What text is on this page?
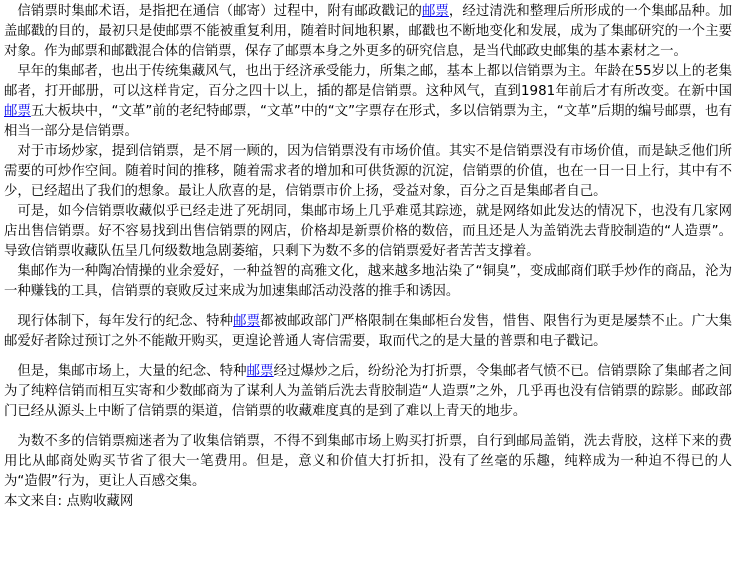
信销票时集邮术语，是指把在通信（邮寄）过程中，附有邮政戳记的邮票，经过清洗和整理后所形成的一个集邮品种。加盖邮戳的目的，最初只是使邮票不能被重复利用，随着时间地积累，邮戳也不断地变化和发展，成为了集邮研究的一个主要对象。作为邮票和邮戳混合体的信销票，保存了邮票本身之外更多的研究信息，是当代邮政史邮集的基本素材之一。

早年的集邮者，也出于传统集藏风气，也出于经济承受能力，所集之邮，基本上都以信销票为主。年龄在55岁以上的老集邮者，打开邮册，可以这样肯定，百分之四十以上，插的都是信销票。这种风气，直到1981年前后才有所改变。在新中国邮票五大板块中，“文革”前的老纪特邮票，“文革”中的“文”字票存在形式，多以信销票为主，“文革”后期的编号邮票，也有相当一部分是信销票。

对于市场炒家，提到信销票，是不屑一顾的，因为信销票没有市场价值。其实不是信销票没有市场价值，而是缺乏他们所需要的可炒作空间。随着时间的推移，随着需求者的增加和可供货源的沉淀，信销票的价值，也在一日一日上行，其中有不少，已经超出了我们的想象。最让人欣喜的是，信销票市价上扬，受益对象，百分之百是集邮者自己。

可是，如今信销票收藏似乎已经走进了死胡同，集邮市场上几乎难觅其踪迹，就是网络如此发达的情况下，也没有几家网店出售信销票。好不容易找到出售信销票的网店，价格却是新票价格的数倍，而且还是人为盖销洗去背胶制造的“人造票”。导致信销票收藏队伍呈几何级数地急剧萎缩，只剩下为数不多的信销票爱好者苦苦支撑着。

集邮作为一种陶冶情操的业余爱好，一种益智的高雅文化，越来越多地沾染了“铜臭”，变成邮商们联手炒作的商品，沦为一种赚钱的工具，信销票的衰败反过来成为加速集邮活动没落的推手和诱因。

现行体制下，每年发行的纪念、特种邮票都被邮政部门严格限制在集邮柜台发售，惜售、限售行为更是屡禁不止。广大集邮爱好者除过预订之外不能敞开购买，更遑论普通人寄信需要，取而代之的是大量的普票和电子戳记。

但是，集邮市场上，大量的纪念、特种邮票经过爆炒之后，纷纷沦为打折票，令集邮者气愤不已。信销票除了集邮者之间为了纯粹信销而相互实寄和少数邮商为了谋利人为盖销后洗去背胶制造“人造票”之外，几乎再也没有信销票的踪影。邮政部门已经从源头上中断了信销票的渠道，信销票的收藏难度真的是到了难以上青天的地步。

为数不多的信销票痴迷者为了收集信销票，不得不到集邮市场上购买打折票，自行到邮局盖销，洗去背胶，这样下来的费用比从邮商处购买节省了很大一笔费用。但是，意义和价值大打折扣，没有了丝毫的乐趣，纯粹成为一种迫不得已的人为“造假”行为，更让人百感交集。

本文来自: 点购收藏网
